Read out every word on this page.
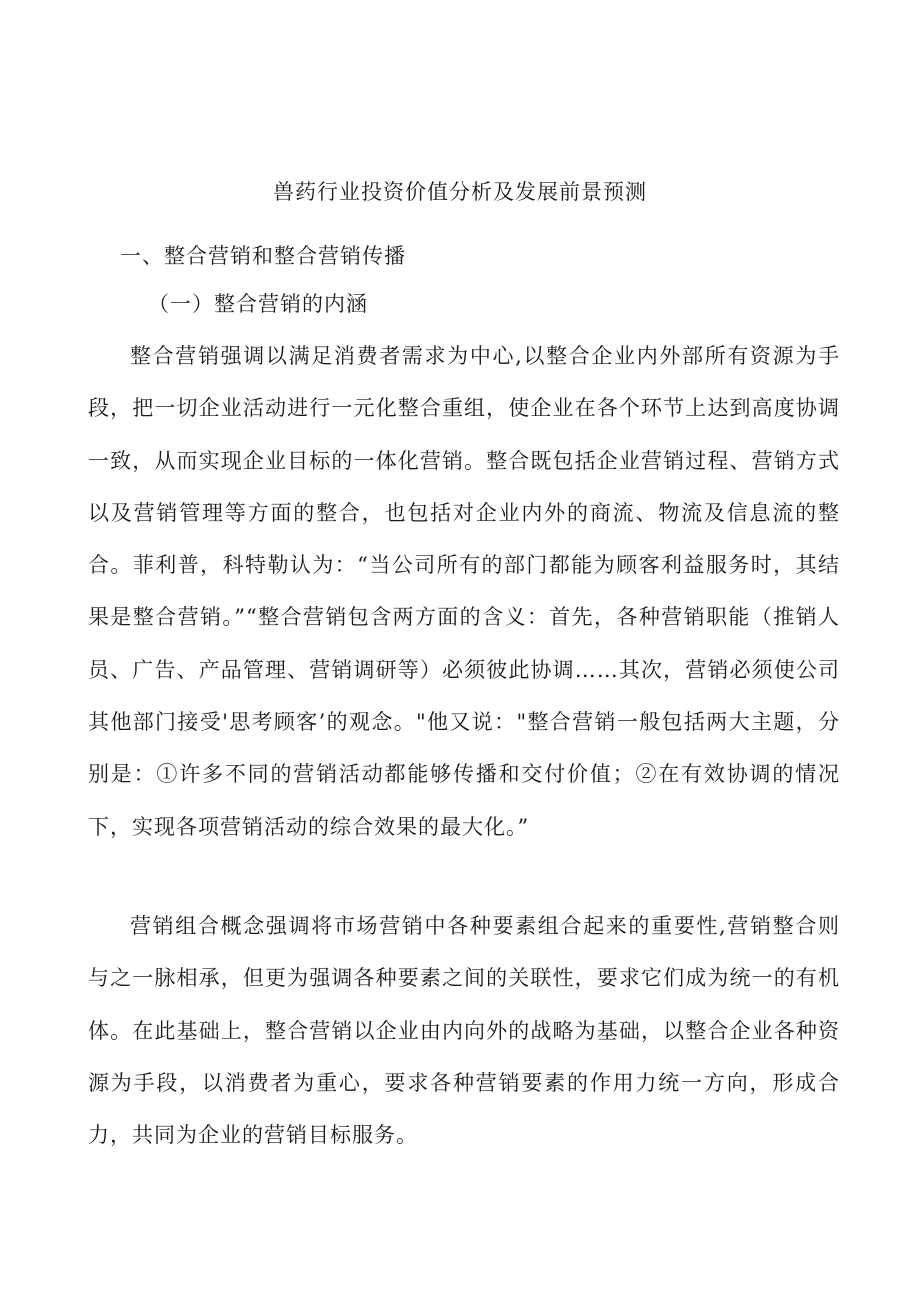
兽药行业投资价值分析及发展前景预测
一、整合营销和整合营销传播
（一）整合营销的内涵

整合营销强调以满足消费者需求为中心,以整合企业内外部所有资源为手段，把一切企业活动进行一元化整合重组，使企业在各个环节上达到高度协调一致，从而实现企业目标的一体化营销。整合既包括企业营销过程、营销方式以及营销管理等方面的整合，也包括对企业内外的商流、物流及信息流的整合。菲利普，科特勒认为：“当公司所有的部门都能为顾客利益服务时，其结果是整合营销。”“整合营销包含两方面的含义：首先，各种营销职能（推销人员、广告、产品管理、营销调研等）必须彼此协调……其次，营销必须使公司其他部门接受'思考顾客’的观念。"他又说："整合营销一般包括两大主题，分别是：①许多不同的营销活动都能够传播和交付价值；②在有效协调的情况下，实现各项营销活动的综合效果的最大化。”

营销组合概念强调将市场营销中各种要素组合起来的重要性,营销整合则与之一脉相承，但更为强调各种要素之间的关联性，要求它们成为统一的有机体。在此基础上，整合营销以企业由内向外的战略为基础，以整合企业各种资源为手段，以消费者为重心，要求各种营销要素的作用力统一方向，形成合力，共同为企业的营销目标服务。
